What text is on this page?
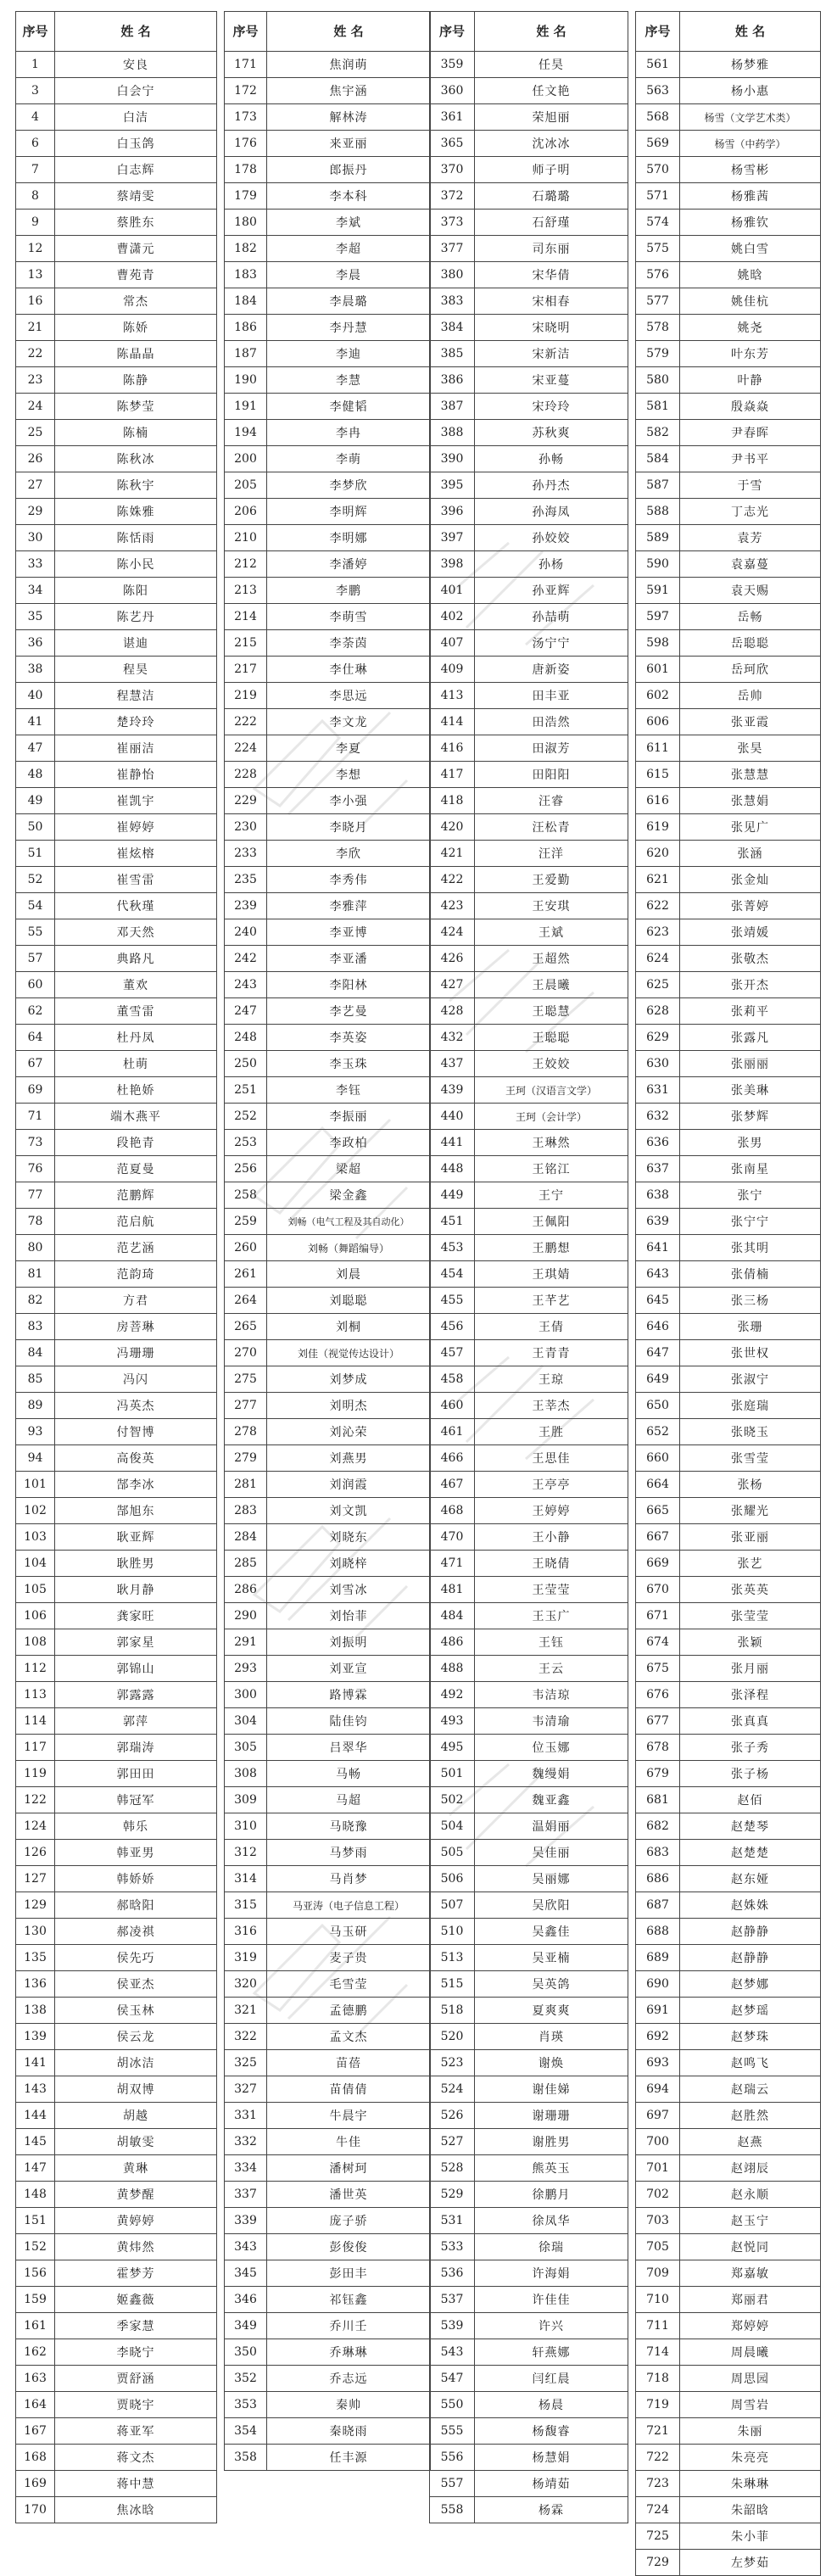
序号	姓 名
1	安良
3	白会宁
4	白洁
6	白玉鸽
7	白志辉
8	蔡靖雯
9	蔡胜东
12	曹潇元
13	曹苑青
16	常杰
21	陈娇
22	陈晶晶
23	陈静
24	陈梦莹
25	陈楠
26	陈秋冰
27	陈秋宇
29	陈姝雅
30	陈恬雨
33	陈小民
34	陈阳
35	陈艺丹
36	谌迪
38	程昊
40	程慧洁
41	楚玲玲
47	崔丽洁
48	崔静怡
49	崔凯宇
50	崔婷婷
51	崔炫榕
52	崔雪雷
54	代秋瑾
55	邓天然
57	典路凡
60	董欢
62	董雪雷
64	杜丹凤
67	杜萌
69	杜艳娇
71	端木燕平
73	段艳青
76	范夏曼
77	范鹏辉
78	范启航
80	范艺涵
81	范韵琦
82	方君
83	房菩琳
84	冯珊珊
85	冯闪
89	冯英杰
93	付智博
94	高俊英
101	郜李冰
102	郜旭东
103	耿亚辉
104	耿胜男
105	耿月静
106	龚家旺
108	郭家星
112	郭锦山
113	郭露露
114	郭萍
117	郭瑞涛
119	郭田田
122	韩冠军
124	韩乐
126	韩亚男
127	韩娇娇
129	郝晗阳
130	郝凌祺
135	侯先巧
136	侯亚杰
138	侯玉林
139	侯云龙
141	胡冰洁
143	胡双博
144	胡越
145	胡敏雯
147	黄琳
148	黄梦醒
151	黄婷婷
152	黄炜然
156	霍梦芳
159	姬鑫薇
161	季家慧
162	李晓宁
163	贾舒涵
164	贾晓宇
167	蒋亚军
168	蒋文杰
169	蒋中慧
170	焦冰晗
序号	姓 名
171	焦润萌
172	焦宇涵
173	解林涛
176	来亚丽
178	郎振丹
179	李本科
180	李斌
182	李超
183	李晨
184	李晨璐
186	李丹慧
187	李迪
190	李慧
191	李健韬
194	李冉
200	李萌
205	李梦欣
206	李明辉
210	李明娜
212	李潘婷
213	李鹏
214	李萌雪
215	李荼茵
217	李仕琳
219	李思远
222	李文龙
224	李夏
228	李想
229	李小强
230	李晓月
233	李欣
235	李秀伟
239	李雅萍
240	李亚博
242	李亚潘
243	李阳林
247	李艺曼
248	李英姿
250	李玉珠
251	李钰
252	李振丽
253	李政柏
256	梁超
258	梁金鑫
259	刘畅（电气工程及其自动化）
260	刘畅（舞蹈编导）
261	刘晨
264	刘聪聪
265	刘桐
270	刘佳（视觉传达设计）
275	刘梦成
277	刘明杰
278	刘沁荣
279	刘燕男
281	刘润霞
283	刘文凯
284	刘晓东
285	刘晓梓
286	刘雪冰
290	刘怡菲
291	刘振明
293	刘亚宣
300	路博霖
304	陆佳钧
305	吕翠华
308	马畅
309	马超
310	马晓豫
312	马梦雨
314	马肖梦
315	马亚涛（电子信息工程）
316	马玉研
319	麦子贵
320	毛雪莹
321	孟德鹏
322	孟文杰
325	苗蓓
327	苗倩倩
331	牛晨宇
332	牛佳
334	潘树珂
337	潘世英
339	庞子骄
343	彭俊俊
345	彭田丰
346	祁钰鑫
349	乔川壬
350	乔琳琳
352	乔志远
353	秦帅
354	秦晓雨
358	任丰源
序号	姓 名
359	任昊
360	任文艳
361	荣旭丽
365	沈冰冰
370	师子明
372	石璐璐
373	石舒瑾
377	司东丽
380	宋华倩
383	宋相春
384	宋晓明
385	宋新洁
386	宋亚蔓
387	宋玲玲
388	苏秋爽
390	孙畅
395	孙丹杰
396	孙海凤
397	孙姣姣
398	孙杨
401	孙亚辉
402	孙喆萌
407	汤宁宁
409	唐新姿
413	田丰亚
414	田浩然
416	田淑芳
417	田阳阳
418	汪睿
420	汪松青
421	汪洋
422	王爱勤
423	王安琪
424	王斌
426	王超然
427	王晨曦
428	王聪慧
432	王聪聪
437	王姣姣
439	王珂（汉语言文学）
440	王珂（会计学）
441	王琳然
448	王铭江
449	王宁
451	王佩阳
453	王鹏想
454	王琪婧
455	王芊艺
456	王倩
457	王青青
458	王琼
460	王莘杰
461	王胜
466	王思佳
467	王亭亭
468	王婷婷
470	王小静
471	王晓倩
481	王莹莹
484	王玉广
486	王钰
488	王云
492	韦洁琼
493	韦清瑜
495	位玉娜
501	魏缦娟
502	魏亚鑫
504	温娟丽
505	吴佳丽
506	吴丽娜
507	吴欣阳
510	吴鑫佳
513	吴亚楠
515	吴英鸽
518	夏爽爽
520	肖瑛
523	谢焕
524	谢佳娣
526	谢珊珊
527	谢胜男
528	熊英玉
529	徐鹏月
531	徐凤华
533	徐瑞
536	许海娟
537	许佳佳
539	许兴
543	轩燕娜
547	闫红晨
550	杨晨
555	杨馥睿
556	杨慧娟
557	杨靖茹
558	杨霖
序号	姓 名
561	杨梦雅
563	杨小惠
568	杨雪（文学艺术类）
569	杨雪（中药学）
570	杨雪彬
571	杨雅茜
574	杨雅钦
575	姚白雪
576	姚晗
577	姚佳杭
578	姚尧
579	叶东芳
580	叶静
581	殷焱焱
582	尹春晖
584	尹书平
587	于雪
588	丁志光
589	袁芳
590	袁嘉蔓
591	袁天赐
597	岳畅
598	岳聪聪
601	岳珂欣
602	岳帅
606	张亚霞
611	张昊
615	张慧慧
616	张慧娟
619	张见广
620	张涵
621	张金灿
622	张菁婷
623	张靖媛
624	张敬杰
625	张开杰
628	张莉平
629	张露凡
630	张丽丽
631	张美琳
632	张梦辉
636	张男
637	张南星
638	张宁
639	张宁宁
641	张其明
643	张倩楠
645	张三杨
646	张珊
647	张世权
649	张淑宁
650	张庭瑞
652	张晓玉
660	张雪莹
664	张杨
665	张耀光
667	张亚丽
669	张艺
670	张英英
671	张莹莹
674	张颖
675	张月丽
676	张泽程
677	张真真
678	张子秀
679	张子杨
681	赵佰
682	赵楚琴
683	赵楚楚
686	赵东娅
687	赵姝姝
688	赵静静
689	赵静静
690	赵梦娜
691	赵梦瑶
692	赵梦珠
693	赵鸣飞
694	赵瑞云
697	赵胜然
700	赵燕
701	赵翊辰
702	赵永顺
703	赵玉宁
705	赵悦同
709	郑嘉敏
710	郑丽君
711	郑婷婷
714	周晨曦
718	周思园
719	周雪岩
721	朱丽
722	朱亮亮
723	朱琳琳
724	朱韶晗
725	朱小菲
729	左梦茹
